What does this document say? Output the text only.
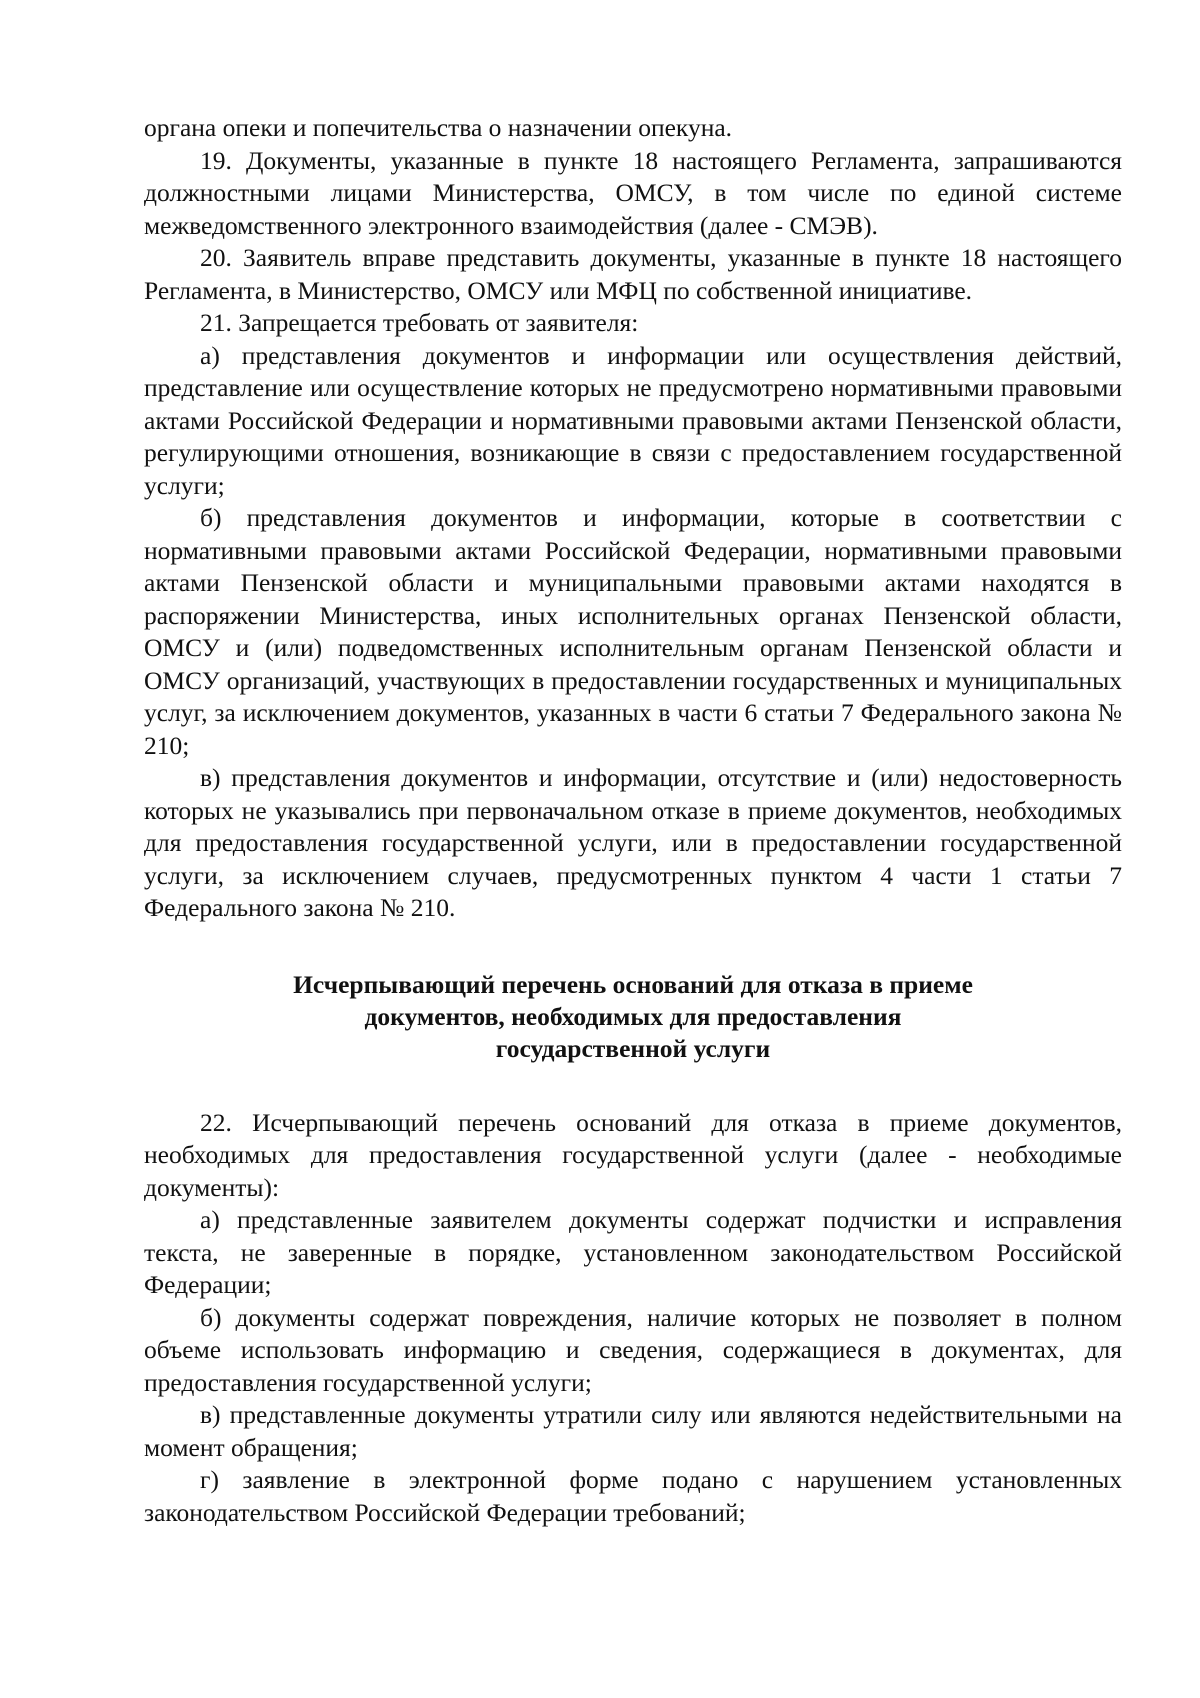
органа опеки и попечительства о назначении опекуна.

19. Документы, указанные в пункте 18 настоящего Регламента, запрашиваются должностными лицами Министерства, ОМСУ, в том числе по единой системе межведомственного электронного взаимодействия (далее - СМЭВ).

20. Заявитель вправе представить документы, указанные в пункте 18 настоящего Регламента, в Министерство, ОМСУ или МФЦ по собственной инициативе.

21. Запрещается требовать от заявителя:

а) представления документов и информации или осуществления действий, представление или осуществление которых не предусмотрено нормативными правовыми актами Российской Федерации и нормативными правовыми актами Пензенской области, регулирующими отношения, возникающие в связи с предоставлением государственной услуги;

б) представления документов и информации, которые в соответствии с нормативными правовыми актами Российской Федерации, нормативными правовыми актами Пензенской области и муниципальными правовыми актами находятся в распоряжении Министерства, иных исполнительных органах Пензенской области, ОМСУ и (или) подведомственных исполнительным органам Пензенской области и ОМСУ организаций, участвующих в предоставлении государственных и муниципальных услуг, за исключением документов, указанных в части 6 статьи 7 Федерального закона № 210;

в) представления документов и информации, отсутствие и (или) недостоверность которых не указывались при первоначальном отказе в приеме документов, необходимых для предоставления государственной услуги, или в предоставлении государственной услуги, за исключением случаев, предусмотренных пунктом 4 части 1 статьи 7 Федерального закона № 210.

Исчерпывающий перечень оснований для отказа в приеме
документов, необходимых для предоставления
государственной услуги

22. Исчерпывающий перечень оснований для отказа в приеме документов, необходимых для предоставления государственной услуги (далее - необходимые документы):

а) представленные заявителем документы содержат подчистки и исправления текста, не заверенные в порядке, установленном законодательством Российской Федерации;

б) документы содержат повреждения, наличие которых не позволяет в полном объеме использовать информацию и сведения, содержащиеся в документах, для предоставления государственной услуги;

в) представленные документы утратили силу или являются недействительными на момент обращения;

г) заявление в электронной форме подано с нарушением установленных законодательством Российской Федерации требований;
